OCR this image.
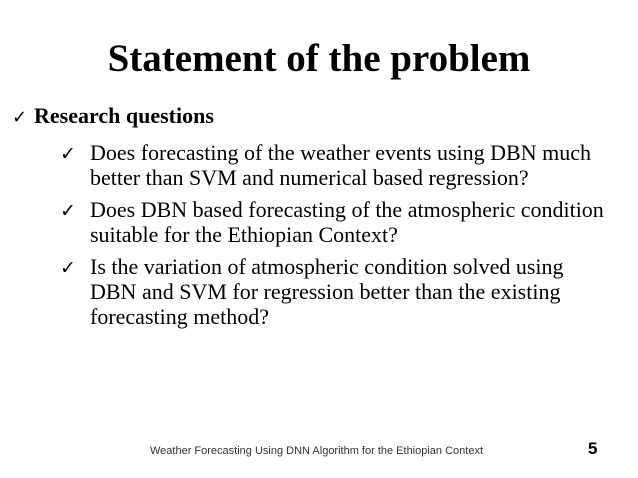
Statement of the problem
✓ Research questions
✓ Does forecasting of the weather events using DBN much better than SVM and numerical based regression?
✓ Does DBN based forecasting of the atmospheric condition suitable for the Ethiopian Context?
✓ Is the variation of atmospheric condition solved using DBN and SVM for regression better than the existing forecasting method?
Weather Forecasting Using DNN Algorithm for the Ethiopian Context	5
